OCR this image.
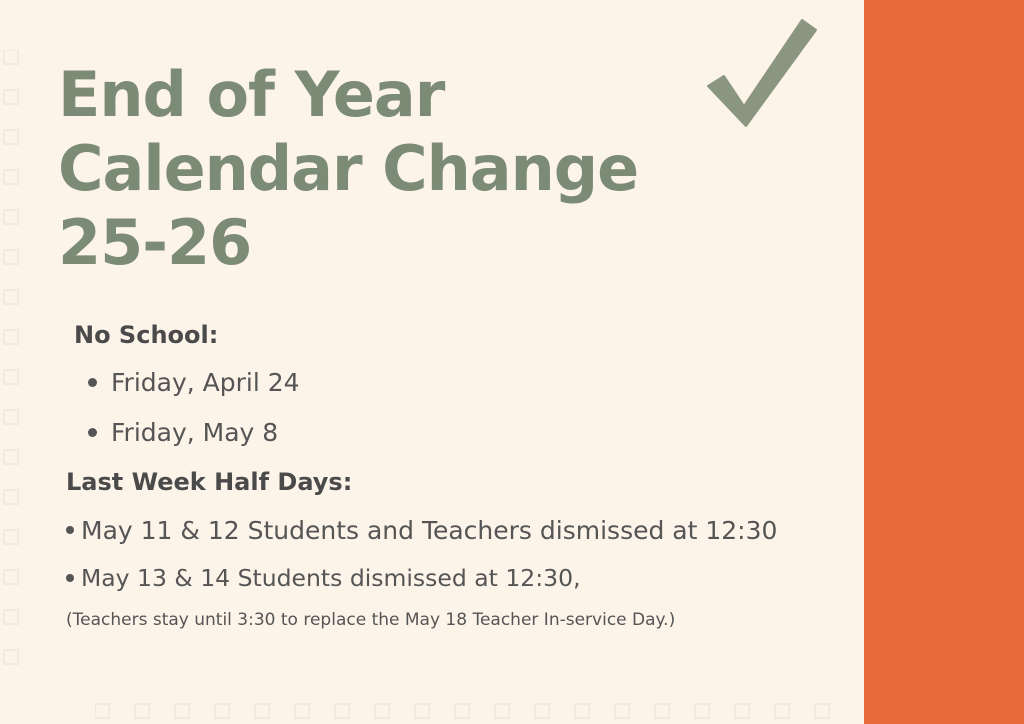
End of Year
Calendar Change
25-26
No School:

Friday, April 24

Friday, May 8

Last Week Half Days:

May 11 & 12 Students and Teachers dismissed at 12:30

May 13 & 14 Students dismissed at 12:30,

(Teachers stay until 3:30 to replace the May 18 Teacher In-service Day.)
